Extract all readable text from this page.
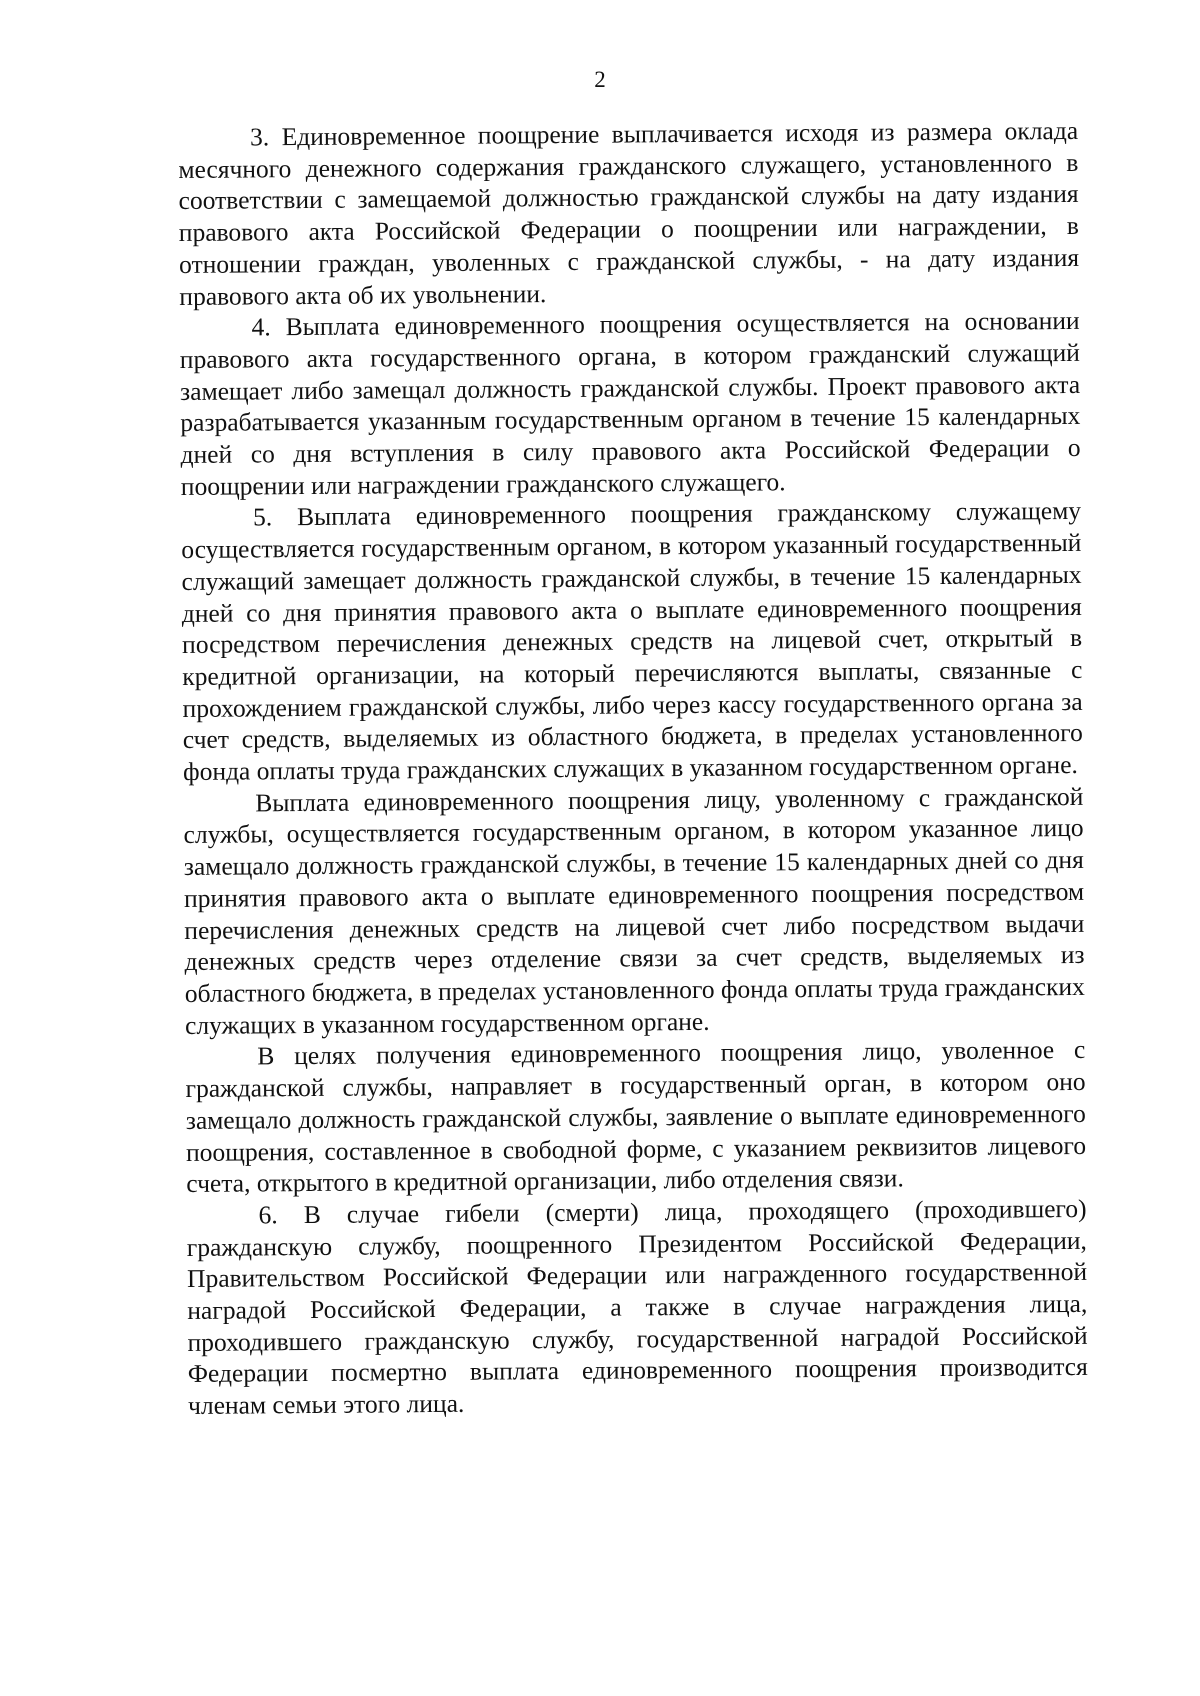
2

3. Единовременное поощрение выплачивается исходя из размера оклада месячного денежного содержания гражданского служащего, установленного в соответствии с замещаемой должностью гражданской службы на дату издания правового акта Российской Федерации о поощрении или награждении, в отношении граждан, уволенных с гражданской службы, - на дату издания правового акта об их увольнении.

4. Выплата единовременного поощрения осуществляется на основании правового акта государственного органа, в котором гражданский служащий замещает либо замещал должность гражданской службы. Проект правового акта разрабатывается указанным государственным органом в течение 15 календарных дней со дня вступления в силу правового акта Российской Федерации о поощрении или награждении гражданского служащего.

5. Выплата единовременного поощрения гражданскому служащему осуществляется государственным органом, в котором указанный государственный служащий замещает должность гражданской службы, в течение 15 календарных дней со дня принятия правового акта о выплате единовременного поощрения посредством перечисления денежных средств на лицевой счет, открытый в кредитной организации, на который перечисляются выплаты, связанные с прохождением гражданской службы, либо через кассу государственного органа за счет средств, выделяемых из областного бюджета, в пределах установленного фонда оплаты труда гражданских служащих в указанном государственном органе.

Выплата единовременного поощрения лицу, уволенному с гражданской службы, осуществляется государственным органом, в котором указанное лицо замещало должность гражданской службы, в течение 15 календарных дней со дня принятия правового акта о выплате единовременного поощрения посредством перечисления денежных средств на лицевой счет либо посредством выдачи денежных средств через отделение связи за счет средств, выделяемых из областного бюджета, в пределах установленного фонда оплаты труда гражданских служащих в указанном государственном органе.

В целях получения единовременного поощрения лицо, уволенное с гражданской службы, направляет в государственный орган, в котором оно замещало должность гражданской службы, заявление о выплате единовременного поощрения, составленное в свободной форме, с указанием реквизитов лицевого счета, открытого в кредитной организации, либо отделения связи.

6. В случае гибели (смерти) лица, проходящего (проходившего) гражданскую службу, поощренного Президентом Российской Федерации, Правительством Российской Федерации или награжденного государственной наградой Российской Федерации, а также в случае награждения лица, проходившего гражданскую службу, государственной наградой Российской Федерации посмертно выплата единовременного поощрения производится членам семьи этого лица.
